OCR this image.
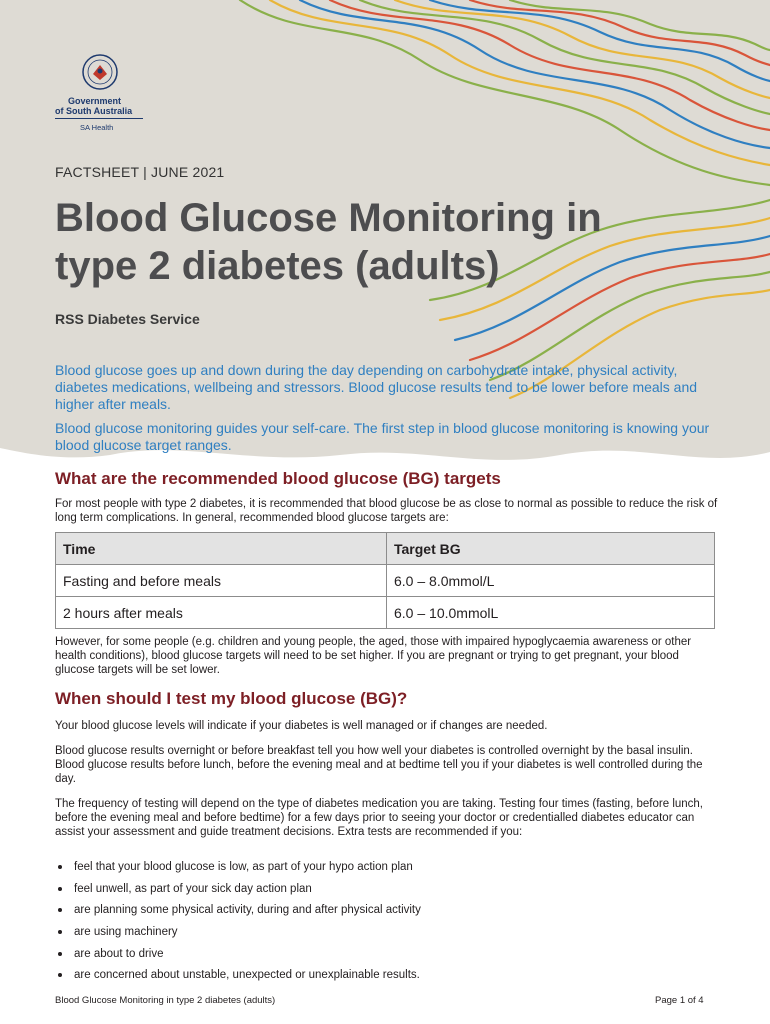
Government
of South Australia
SA Health
FACTSHEET | JUNE 2021
Blood Glucose Monitoring in
type 2 diabetes (adults)
RSS Diabetes Service
Blood glucose goes up and down during the day depending on carbohydrate intake, physical activity, diabetes medications, wellbeing and stressors. Blood glucose results tend to be lower before meals and higher after meals.
Blood glucose monitoring guides your self-care. The first step in blood glucose monitoring is knowing your blood glucose target ranges.
What are the recommended blood glucose (BG) targets
For most people with type 2 diabetes, it is recommended that blood glucose be as close to normal as possible to reduce the risk of long term complications. In general, recommended blood glucose targets are:
Time	Target BG
Fasting and before meals	6.0 – 8.0mmol/L
2 hours after meals	6.0 – 10.0mmolL
However, for some people (e.g. children and young people, the aged, those with impaired hypoglycaemia awareness or other health conditions), blood glucose targets will need to be set higher. If you are pregnant or trying to get pregnant, your blood glucose targets will be set lower.
When should I test my blood glucose (BG)?
Your blood glucose levels will indicate if your diabetes is well managed or if changes are needed.
Blood glucose results overnight or before breakfast tell you how well your diabetes is controlled overnight by the basal insulin. Blood glucose results before lunch, before the evening meal and at bedtime tell you if your diabetes is well controlled during the day.
The frequency of testing will depend on the type of diabetes medication you are taking. Testing four times (fasting, before lunch, before the evening meal and before bedtime) for a few days prior to seeing your doctor or credentialled diabetes educator can assist your assessment and guide treatment decisions. Extra tests are recommended if you:
feel that your blood glucose is low, as part of your hypo action plan
feel unwell, as part of your sick day action plan
are planning some physical activity, during and after physical activity
are using machinery
are about to drive
are concerned about unstable, unexpected or unexplainable results.
Blood Glucose Monitoring in type 2 diabetes (adults)	Page 1 of 4
